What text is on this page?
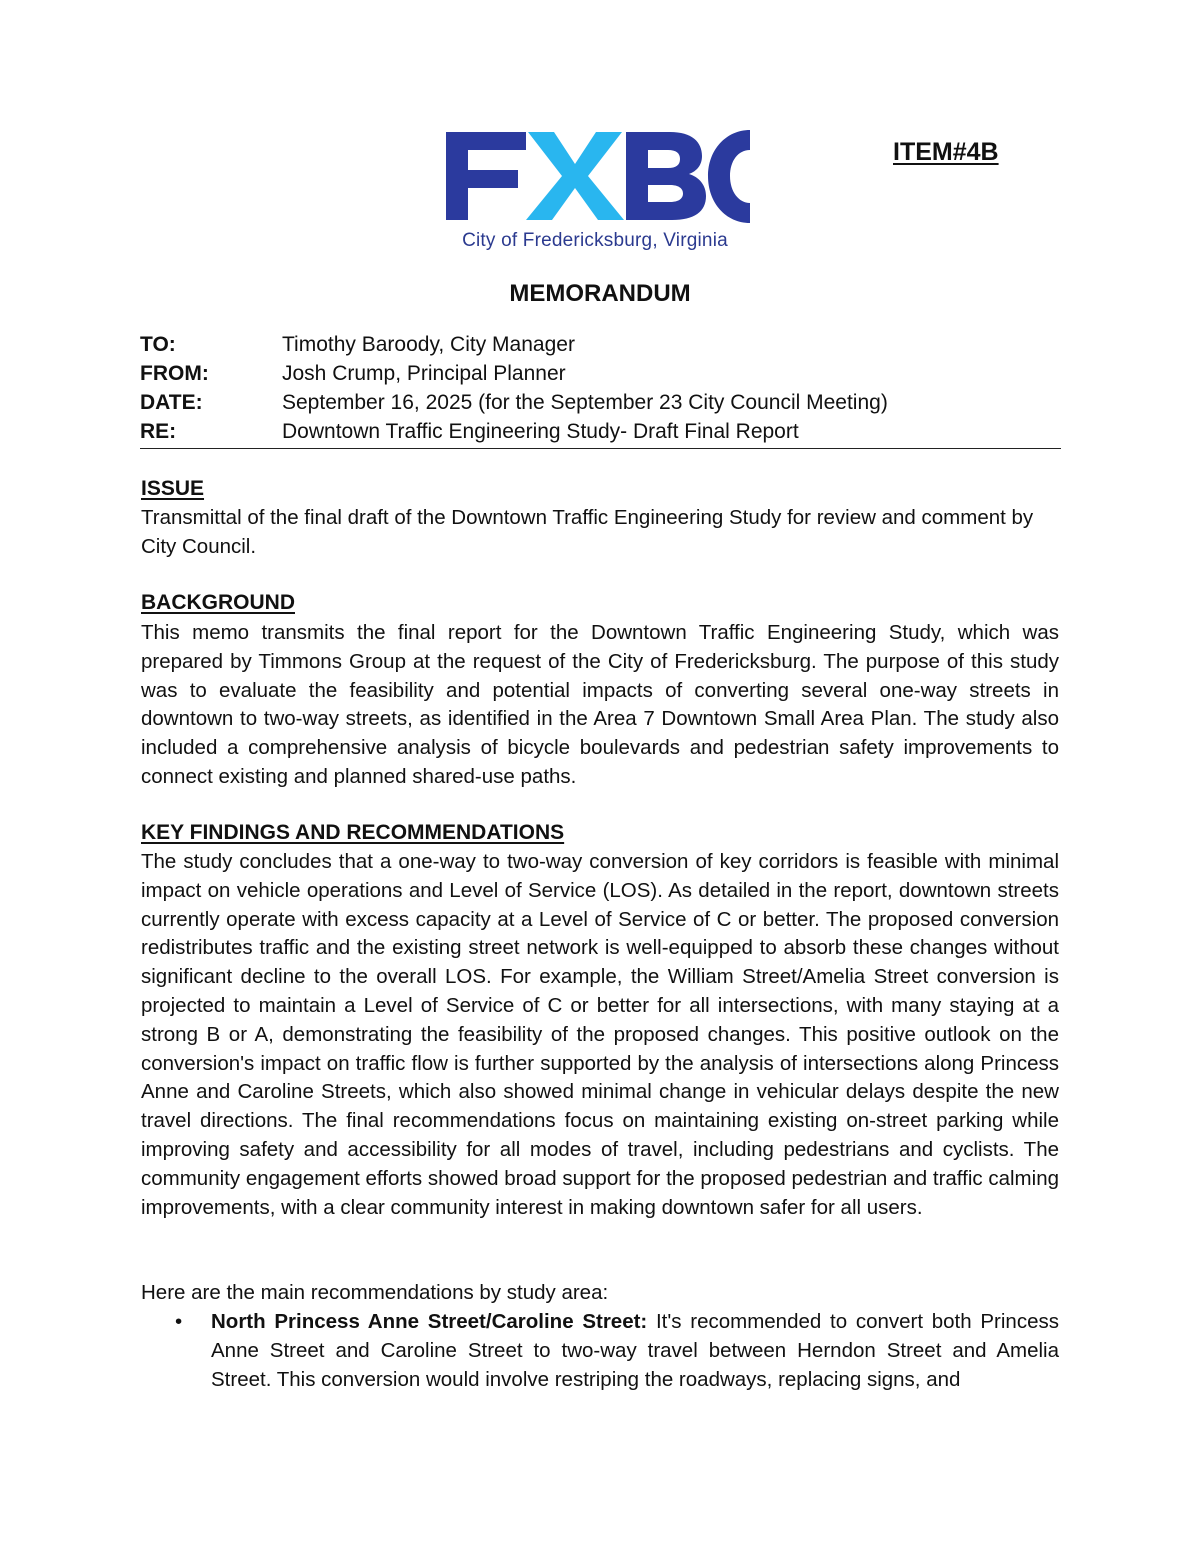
City of Fredericksburg, Virginia
ITEM#4B
MEMORANDUM
TO:	Timothy Baroody, City Manager
FROM:	Josh Crump, Principal Planner
DATE:	September 16, 2025 (for the September 23 City Council Meeting)
RE:	Downtown Traffic Engineering Study- Draft Final Report
ISSUE

Transmittal of the final draft of the Downtown Traffic Engineering Study for review and comment by City Council.

BACKGROUND

This memo transmits the final report for the Downtown Traffic Engineering Study, which was prepared by Timmons Group at the request of the City of Fredericksburg. The purpose of this study was to evaluate the feasibility and potential impacts of converting several one-way streets in downtown to two-way streets, as identified in the Area 7 Downtown Small Area Plan. The study also included a comprehensive analysis of bicycle boulevards and pedestrian safety improvements to connect existing and planned shared-use paths.

KEY FINDINGS AND RECOMMENDATIONS

The study concludes that a one-way to two-way conversion of key corridors is feasible with minimal impact on vehicle operations and Level of Service (LOS). As detailed in the report, downtown streets currently operate with excess capacity at a Level of Service of C or better. The proposed conversion redistributes traffic and the existing street network is well-equipped to absorb these changes without significant decline to the overall LOS. For example, the William Street/Amelia Street conversion is projected to maintain a Level of Service of C or better for all intersections, with many staying at a strong B or A, demonstrating the feasibility of the proposed changes. This positive outlook on the conversion's impact on traffic flow is further supported by the analysis of intersections along Princess Anne and Caroline Streets, which also showed minimal change in vehicular delays despite the new travel directions. The final recommendations focus on maintaining existing on-street parking while improving safety and accessibility for all modes of travel, including pedestrians and cyclists. The community engagement efforts showed broad support for the proposed pedestrian and traffic calming improvements, with a clear community interest in making downtown safer for all users.

Here are the main recommendations by study area:

• North Princess Anne Street/Caroline Street: It's recommended to convert both Princess Anne Street and Caroline Street to two-way travel between Herndon Street and Amelia Street. This conversion would involve restriping the roadways, replacing signs, and
